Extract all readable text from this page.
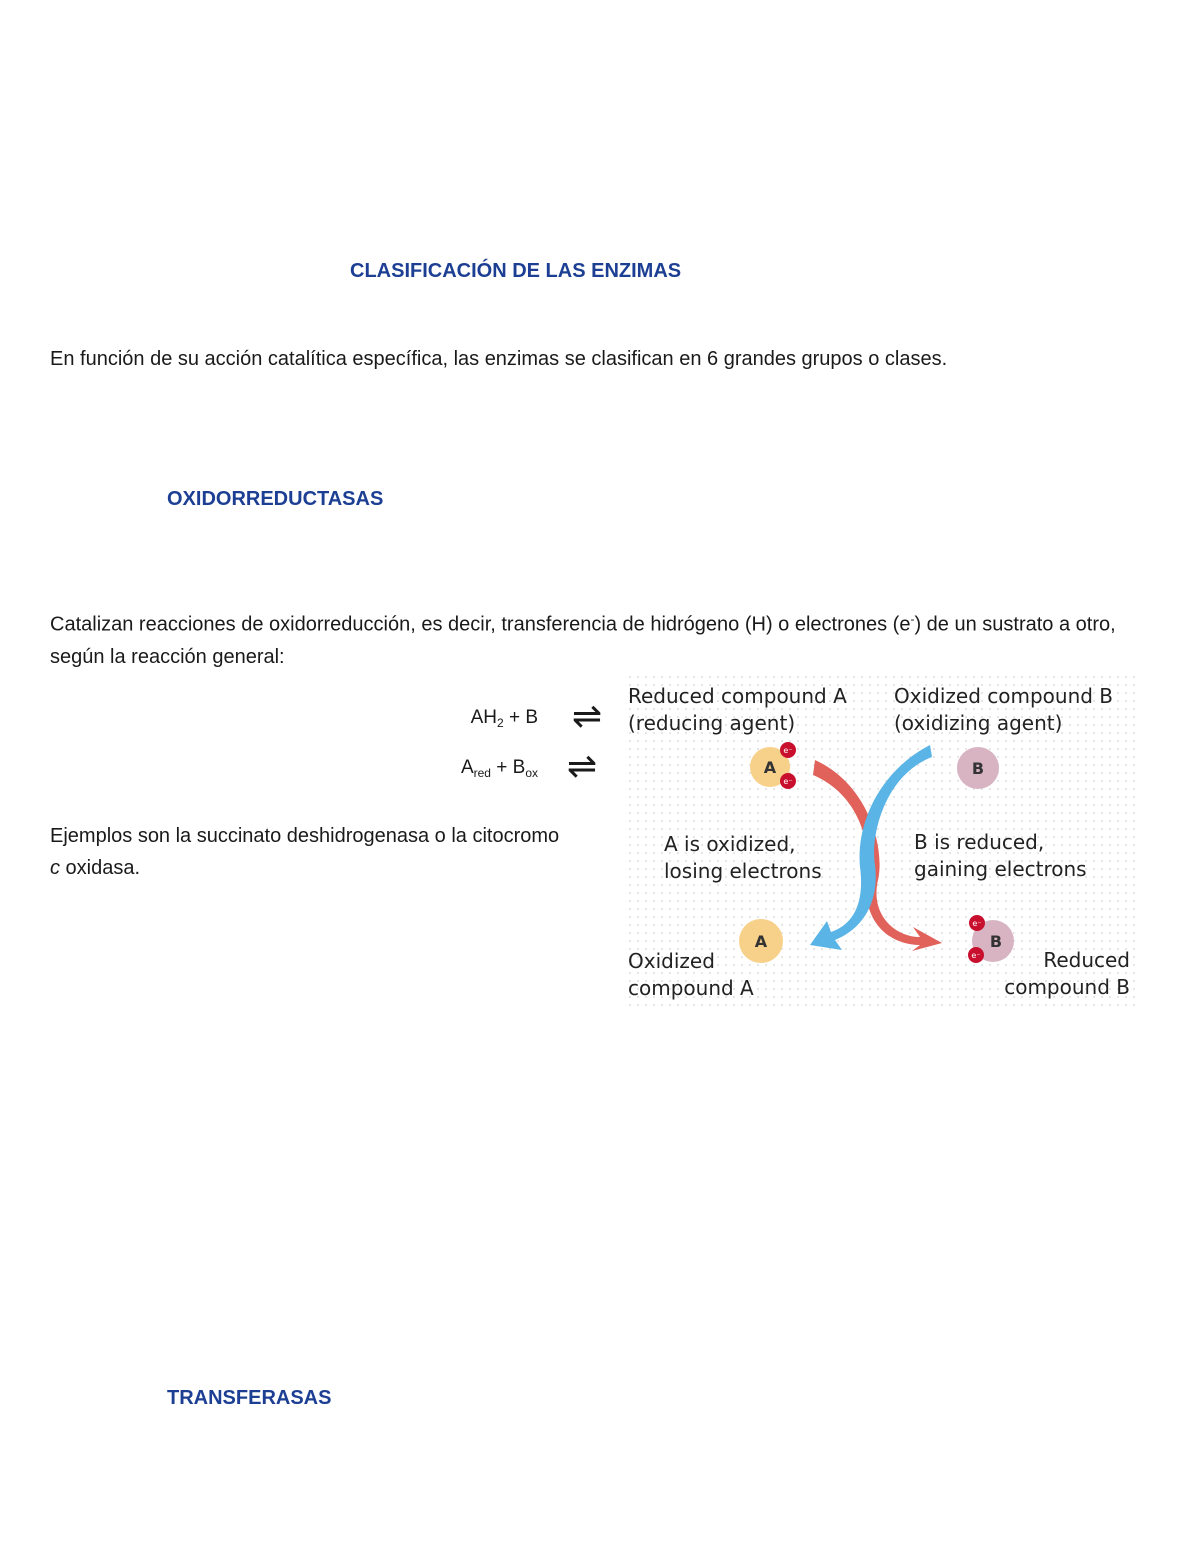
CLASIFICACIÓN DE LAS ENZIMAS
En función de su acción catalítica específica, las enzimas se clasifican en 6 grandes grupos o clases.
OXIDORREDUCTASAS
Catalizan reacciones de oxidorreducción, es decir, transferencia de hidrógeno (H) o electrones (e-) de un sustrato a otro, según la reacción general:
$AH_2 + B$ ⇌
$A_{red} + B_{ox}$ ⇌
Ejemplos son la succinato deshidrogenasa o la citocromo c oxidasa.
A	B
A	B
e⁻
e⁻
e⁻
e⁻
Reduced compound A
(reducing agent)
Oxidized compound B
(oxidizing agent)
A is oxidized,
losing electrons
B is reduced,
gaining electrons
Oxidized
compound A
Reduced
compound B
TRANSFERASAS
